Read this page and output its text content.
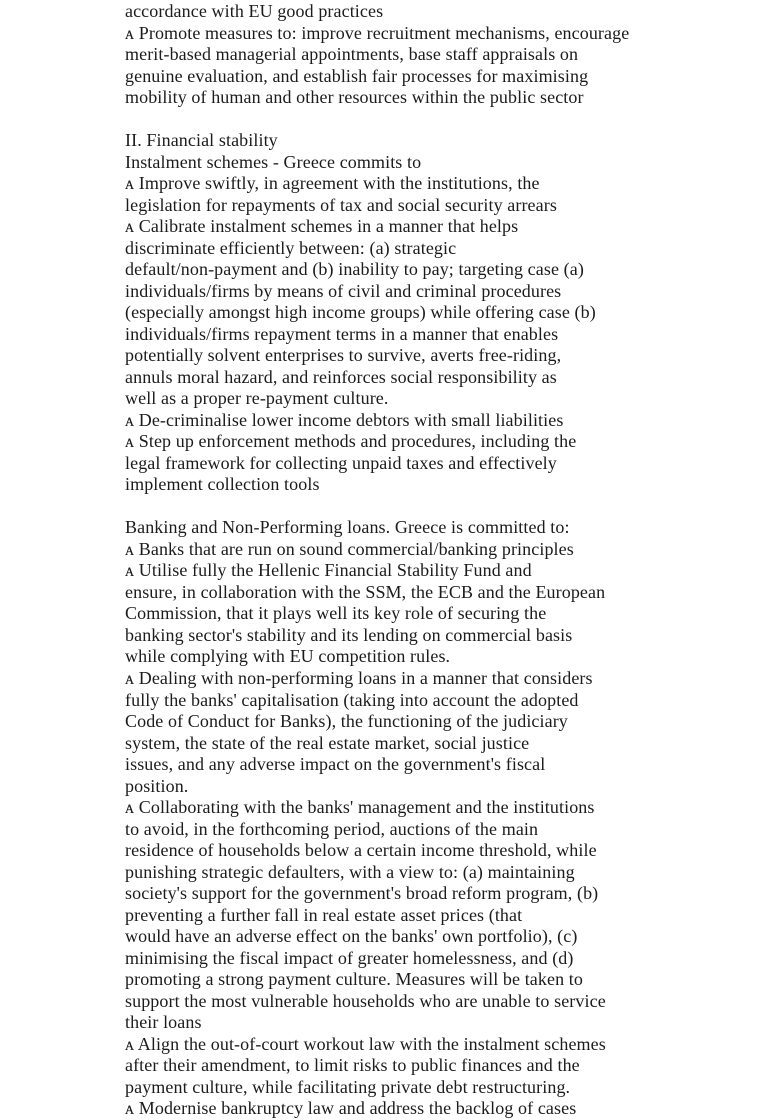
accordance with EU good practices
ᴀ Promote measures to: improve recruitment mechanisms, encourage
merit-based managerial appointments, base staff appraisals on
genuine evaluation, and establish fair processes for maximising
mobility of human and other resources within the public sector
II. Financial stability
Instalment schemes - Greece commits to
ᴀ Improve swiftly, in agreement with the institutions, the
legislation for repayments of tax and social security arrears
ᴀ Calibrate instalment schemes in a manner that helps
discriminate efficiently between: (a) strategic
default/non-payment and (b) inability to pay; targeting case (a)
individuals/firms by means of civil and criminal procedures
(especially amongst high income groups) while offering case (b)
individuals/firms repayment terms in a manner that enables
potentially solvent enterprises to survive, averts free-riding,
annuls moral hazard, and reinforces social responsibility as
well as a proper re-payment culture.
ᴀ De-criminalise lower income debtors with small liabilities
ᴀ Step up enforcement methods and procedures, including the
legal framework for collecting unpaid taxes and effectively
implement collection tools
Banking and Non-Performing loans. Greece is committed to:
ᴀ Banks that are run on sound commercial/banking principles
ᴀ Utilise fully the Hellenic Financial Stability Fund and
ensure, in collaboration with the SSM, the ECB and the European
Commission, that it plays well its key role of securing the
banking sector's stability and its lending on commercial basis
while complying with EU competition rules.
ᴀ Dealing with non-performing loans in a manner that considers
fully the banks' capitalisation (taking into account the adopted
Code of Conduct for Banks), the functioning of the judiciary
system, the state of the real estate market, social justice
issues, and any adverse impact on the government's fiscal
position.
ᴀ Collaborating with the banks' management and the institutions
to avoid, in the forthcoming period, auctions of the main
residence of households below a certain income threshold, while
punishing strategic defaulters, with a view to: (a) maintaining
society's support for the government's broad reform program, (b)
preventing a further fall in real estate asset prices (that
would have an adverse effect on the banks' own portfolio), (c)
minimising the fiscal impact of greater homelessness, and (d)
promoting a strong payment culture. Measures will be taken to
support the most vulnerable households who are unable to service
their loans
ᴀ Align the out-of-court workout law with the instalment schemes
after their amendment, to limit risks to public finances and the
payment culture, while facilitating private debt restructuring.
ᴀ Modernise bankruptcy law and address the backlog of cases
